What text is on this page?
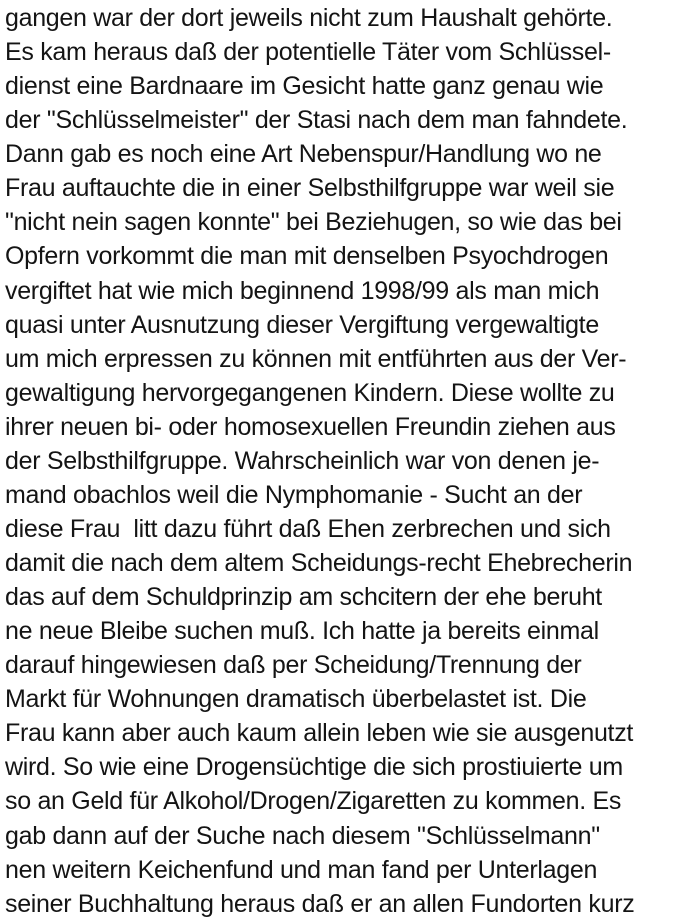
gangen war der dort jeweils nicht zum Haushalt gehörte.
Es kam heraus daß der potentielle Täter vom Schlüssel-
dienst eine Bardnaare im Gesicht hatte ganz genau wie
der "Schlüsselmeister" der Stasi nach dem man fahndete.
Dann gab es noch eine Art Nebenspur/Handlung wo ne
Frau auftauchte die in einer Selbsthilfgruppe war weil sie
"nicht nein sagen konnte" bei Beziehugen, so wie das bei
Opfern vorkommt die man mit denselben Psyochdrogen
vergiftet hat wie mich beginnend 1998/99 als man mich
quasi unter Ausnutzung dieser Vergiftung vergewaltigte
um mich erpressen zu können mit entführten aus der Ver-
gewaltigung hervorgegangenen Kindern. Diese wollte zu
ihrer neuen bi- oder homosexuellen Freundin ziehen aus
der Selbsthilfgruppe. Wahrscheinlich war von denen je-
mand obachlos weil die Nymphomanie - Sucht an der
diese Frau  litt dazu führt daß Ehen zerbrechen und sich
damit die nach dem altem Scheidungs-recht Ehebrecherin
das auf dem Schuldprinzip am schcitern der ehe beruht
ne neue Bleibe suchen muß. Ich hatte ja bereits einmal
darauf hingewiesen daß per Scheidung/Trennung der
Markt für Wohnungen dramatisch überbelastet ist. Die
Frau kann aber auch kaum allein leben wie sie ausgenutzt
wird. So wie eine Drogensüchtige die sich prostiuierte um
so an Geld für Alkohol/Drogen/Zigaretten zu kommen. Es
gab dann auf der Suche nach diesem "Schlüsselmann"
nen weitern Keichenfund und man fand per Unterlagen
seiner Buchhaltung heraus daß er an allen Fundorten kurz
